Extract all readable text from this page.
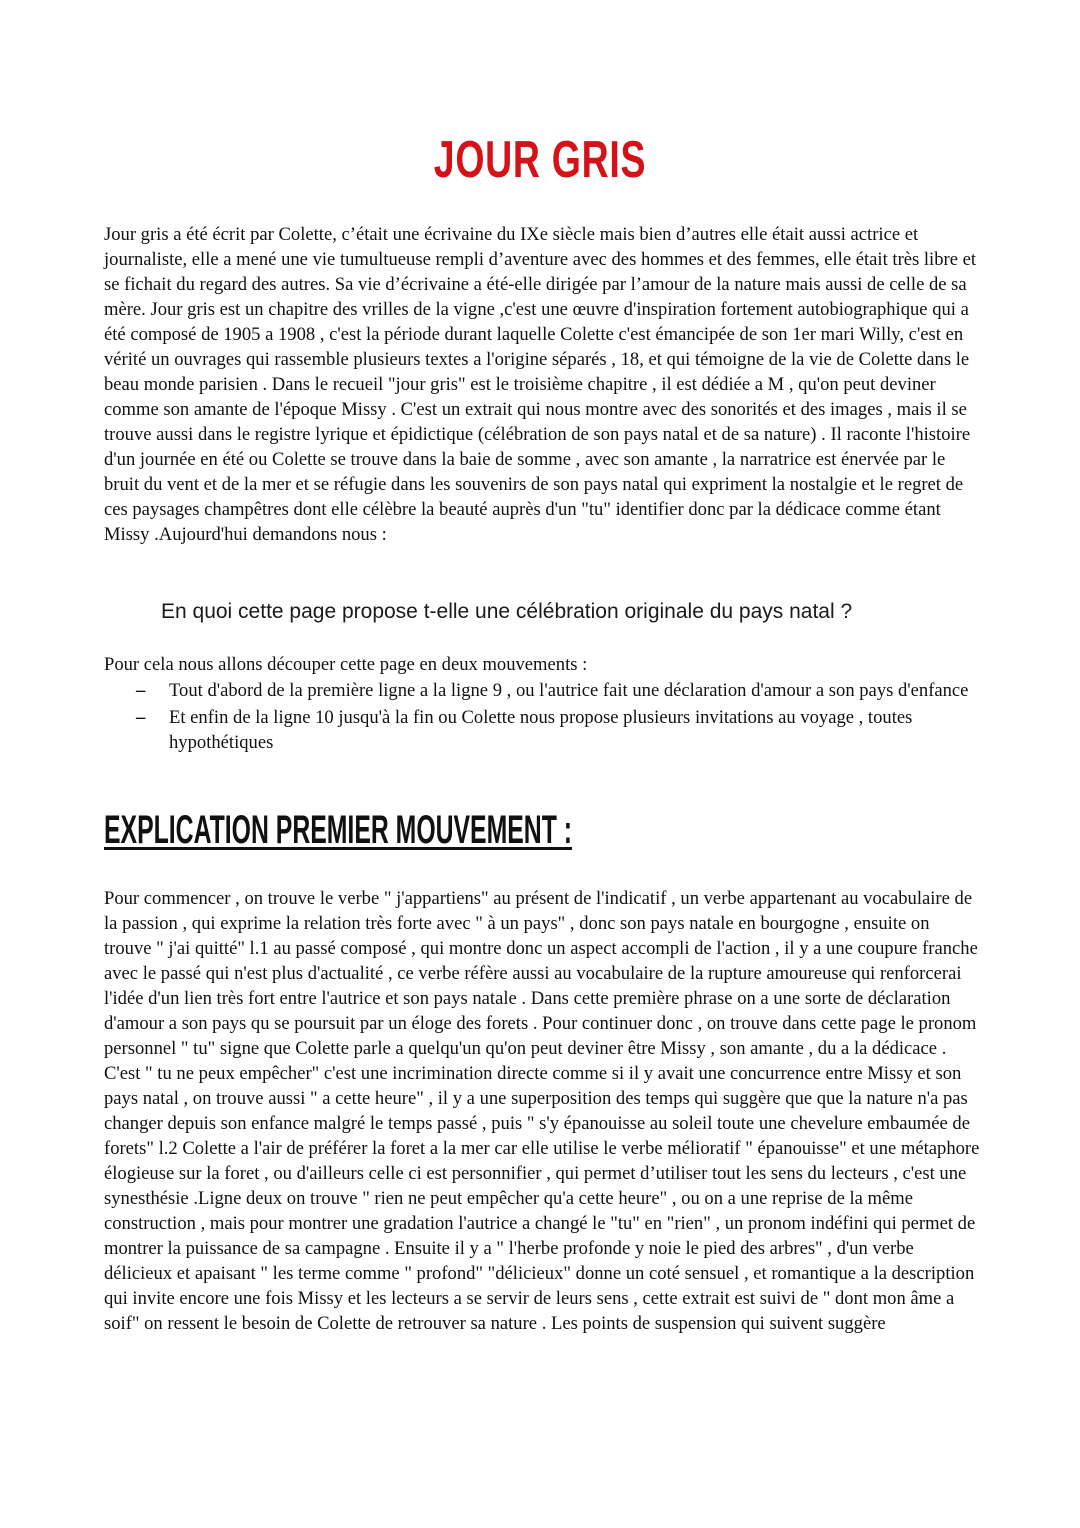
JOUR GRIS

Jour gris a été écrit par Colette, c’était une écrivaine du IXe siècle mais bien d’autres elle était aussi actrice et journaliste, elle a mené une vie tumultueuse rempli d’aventure avec des hommes et des femmes, elle était très libre et se fichait du regard des autres. Sa vie d’écrivaine a été-elle dirigée par l’amour de la nature mais aussi de celle de sa mère. Jour gris est un chapitre des vrilles de la vigne ,c'est une œuvre d'inspiration fortement autobiographique qui a été composé de 1905 a 1908 , c'est la période durant laquelle Colette c'est émancipée de son 1er mari Willy, c'est en vérité un ouvrages qui rassemble plusieurs textes a l'origine séparés , 18, et qui témoigne de la vie de Colette dans le beau monde parisien . Dans le recueil "jour gris" est le troisième chapitre , il est dédiée a M , qu'on peut deviner comme son amante de l'époque Missy . C'est un extrait qui nous montre avec des sonorités et des images , mais il se trouve aussi dans le registre lyrique et épidictique (célébration de son pays natal et de sa nature) . Il raconte l'histoire d'un journée en été ou Colette se trouve dans la baie de somme , avec son amante , la narratrice est énervée par le bruit du vent et de la mer et se réfugie dans les souvenirs de son pays natal qui expriment la nostalgie et le regret de ces paysages champêtres dont elle célèbre la beauté auprès d'un "tu" identifier donc par la dédicace comme étant Missy .Aujourd'hui demandons nous :

En quoi cette page propose t-elle une célébration originale du pays natal ?

Pour cela nous allons découper cette page en deux mouvements :

– Tout d'abord de la première ligne a la ligne 9 , ou l'autrice fait une déclaration d'amour a son pays d'enfance
– Et enfin de la ligne 10 jusqu'à la fin ou Colette nous propose plusieurs invitations au voyage , toutes hypothétiques
EXPLICATION PREMIER MOUVEMENT :

Pour commencer , on trouve le verbe " j'appartiens" au présent de l'indicatif , un verbe appartenant au vocabulaire de la passion , qui exprime la relation très forte avec " à un pays" , donc son pays natale en bourgogne , ensuite on trouve " j'ai quitté" l.1 au passé composé , qui montre donc un aspect accompli de l'action , il y a une coupure franche avec le passé qui n'est plus d'actualité , ce verbe réfère aussi au vocabulaire de la rupture amoureuse qui renforcerai l'idée d'un lien très fort entre l'autrice et son pays natale . Dans cette première phrase on a une sorte de déclaration d'amour a son pays qu se poursuit par un éloge des forets . Pour continuer donc , on trouve dans cette page le pronom personnel " tu" signe que Colette parle a quelqu'un qu'on peut deviner être Missy , son amante , du a la dédicace . C'est " tu ne peux empêcher" c'est une incrimination directe comme si il y avait une concurrence entre Missy et son pays natal , on trouve aussi " a cette heure" , il y a une superposition des temps qui suggère que que la nature n'a pas changer depuis son enfance malgré le temps passé , puis " s'y épanouisse au soleil toute une chevelure embaumée de forets" l.2 Colette a l'air de préférer la foret a la mer car elle utilise le verbe mélioratif " épanouisse" et une métaphore élogieuse sur la foret , ou d'ailleurs celle ci est personnifier , qui permet d’utiliser tout les sens du lecteurs , c'est une synesthésie .Ligne deux on trouve " rien ne peut empêcher qu'a cette heure" , ou on a une reprise de la même construction , mais pour montrer une gradation l'autrice a changé le "tu" en "rien" , un pronom indéfini qui permet de montrer la puissance de sa campagne . Ensuite il y a " l'herbe profonde y noie le pied des arbres" , d'un verbe délicieux et apaisant " les terme comme " profond" "délicieux" donne un coté sensuel , et romantique a la description qui invite encore une fois Missy et les lecteurs a se servir de leurs sens , cette extrait est suivi de " dont mon âme a soif" on ressent le besoin de Colette de retrouver sa nature . Les points de suspension qui suivent suggère
